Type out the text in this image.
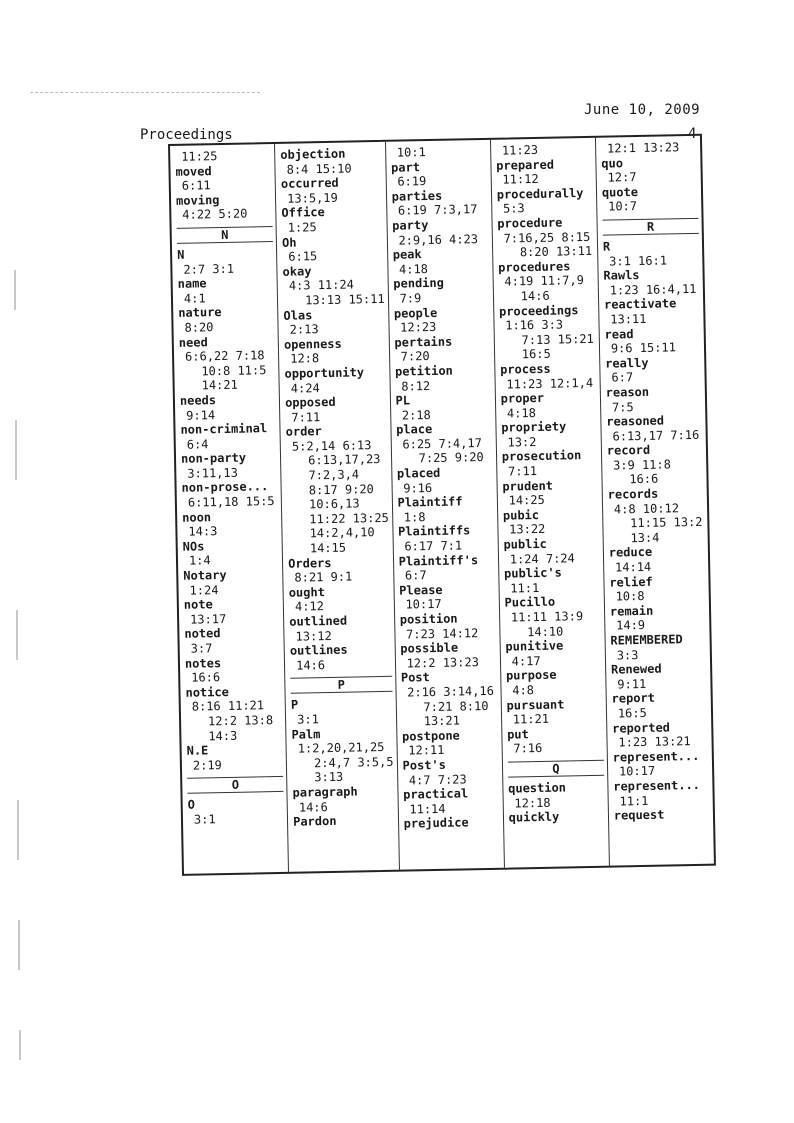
June 10, 2009
Proceedings	4
11:25
moved
6:11
moving
4:22 5:20
N
N
2:7 3:1
name
4:1
nature
8:20
need
6:6,22 7:18
10:8 11:5
14:21
needs
9:14
non-criminal
6:4
non-party
3:11,13
non-prose...
6:11,18 15:5
noon
14:3
NOs
1:4
Notary
1:24
note
13:17
noted
3:7
notes
16:6
notice
8:16 11:21
12:2 13:8
14:3
N.E
2:19
O
O
3:1
objection
8:4 15:10
occurred
13:5,19
Office
1:25
Oh
6:15
okay
4:3 11:24
13:13 15:11
Olas
2:13
openness
12:8
opportunity
4:24
opposed
7:11
order
5:2,14 6:13
6:13,17,23
7:2,3,4
8:17 9:20
10:6,13
11:22 13:25
14:2,4,10
14:15
Orders
8:21 9:1
ought
4:12
outlined
13:12
outlines
14:6
P
P
3:1
Palm
1:2,20,21,25
2:4,7 3:5,5
3:13
paragraph
14:6
Pardon
10:1
part
6:19
parties
6:19 7:3,17
party
2:9,16 4:23
peak
4:18
pending
7:9
people
12:23
pertains
7:20
petition
8:12
PL
2:18
place
6:25 7:4,17
7:25 9:20
placed
9:16
Plaintiff
1:8
Plaintiffs
6:17 7:1
Plaintiff's
6:7
Please
10:17
position
7:23 14:12
possible
12:2 13:23
Post
2:16 3:14,16
7:21 8:10
13:21
postpone
12:11
Post's
4:7 7:23
practical
11:14
prejudice
11:23
prepared
11:12
procedurally
5:3
procedure
7:16,25 8:15
8:20 13:11
procedures
4:19 11:7,9
14:6
proceedings
1:16 3:3
7:13 15:21
16:5
process
11:23 12:1,4
proper
4:18
propriety
13:2
prosecution
7:11
prudent
14:25
pubic
13:22
public
1:24 7:24
public's
11:1
Pucillo
11:11 13:9
14:10
punitive
4:17
purpose
4:8
pursuant
11:21
put
7:16
Q
question
12:18
quickly
12:1 13:23
quo
12:7
quote
10:7
R
R
3:1 16:1
Rawls
1:23 16:4,11
reactivate
13:11
read
9:6 15:11
really
6:7
reason
7:5
reasoned
6:13,17 7:16
record
3:9 11:8
16:6
records
4:8 10:12
11:15 13:2
13:4
reduce
14:14
relief
10:8
remain
14:9
REMEMBERED
3:3
Renewed
9:11
report
16:5
reported
1:23 13:21
represent...
10:17
represent...
11:1
request
